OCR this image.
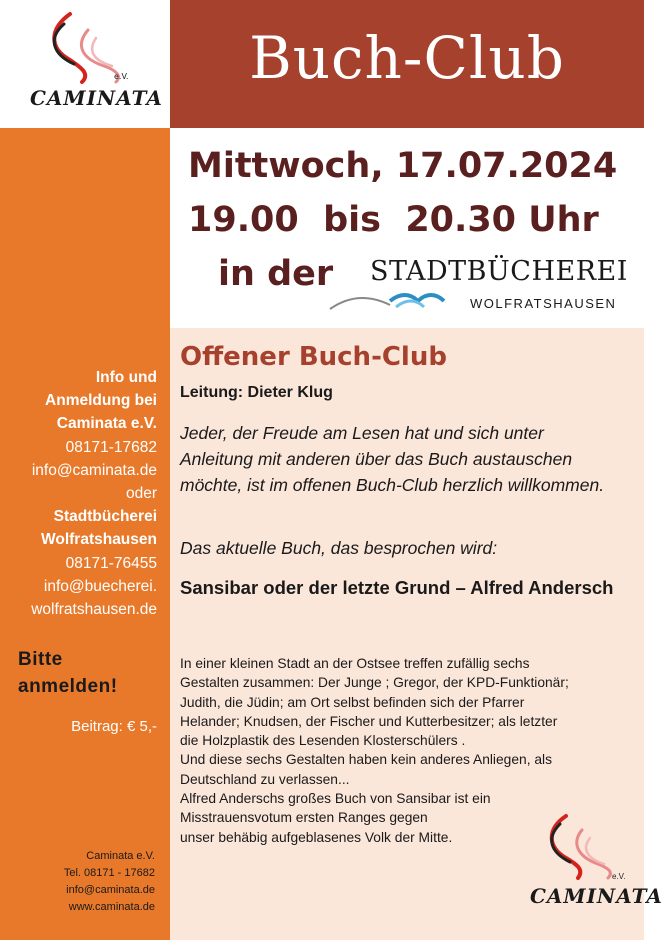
e.V.
CAMINATA
Buch-Club
Info und
Anmeldung bei
Caminata e.V.
08171-17682
info@caminata.de
oder
Stadtbücherei
Wolfratshausen
08171-76455
info@buecherei.
wolfratshausen.de
Bitte
anmelden!
Beitrag: € 5,-
Caminata e.V.
Tel. 08171 - 17682
info@caminata.de
www.caminata.de
Mittwoch, 17.07.2024
19.00  bis  20.30 Uhr
in der STADTBÜCHEREI
WOLFRATSHAUSEN
Offener Buch-Club
Leitung: Dieter Klug
Jeder, der Freude am Lesen hat und sich unter Anleitung mit anderen über das Buch austauschen möchte, ist im offenen Buch-Club herzlich willkommen.
Das aktuelle Buch, das besprochen wird:
Sansibar oder der letzte Grund – Alfred Andersch
In einer kleinen Stadt an der Ostsee treffen zufällig sechs
Gestalten zusammen: Der Junge ; Gregor, der KPD-Funktionär;
Judith, die Jüdin; am Ort selbst befinden sich der Pfarrer
Helander; Knudsen, der Fischer und Kutterbesitzer; als letzter
die Holzplastik des Lesenden Klosterschülers .
Und diese sechs Gestalten haben kein anderes Anliegen, als
Deutschland zu verlassen...
Alfred Anderschs großes Buch von Sansibar ist ein
Misstrauensvotum ersten Ranges gegen
unser behäbig aufgeblasenes Volk der Mitte.
e.V.
CAMINATA
